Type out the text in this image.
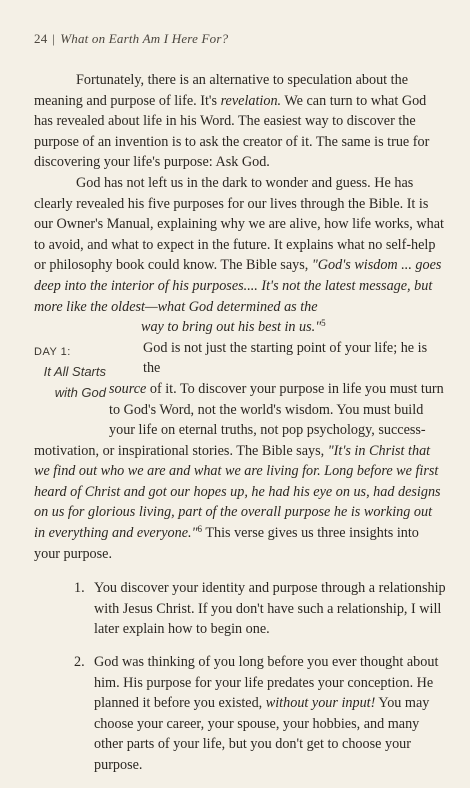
24 | What on Earth Am I Here For?

Fortunately, there is an alternative to speculation about the meaning and purpose of life. It's revelation. We can turn to what God has revealed about life in his Word. The easiest way to discover the purpose of an invention is to ask the creator of it. The same is true for discovering your life's purpose: Ask God.

God has not left us in the dark to wonder and guess. He has clearly revealed his five purposes for our lives through the Bible. It is our Owner's Manual, explaining why we are alive, how life works, what to avoid, and what to expect in the future. It explains what no self-help or philosophy book could know. The Bible says, "God's wisdom ... goes deep into the interior of his purposes.... It's not the latest message, but more like the oldest—what God determined as the

way to bring out his best in us."$^5$

DAY 1:
It All Starts
with God
God is not just the starting point of your life; he is the
source of it. To discover your purpose in life you must turn
to God's Word, not the world's wisdom. You must build
your life on eternal truths, not pop psychology, success-

motivation, or inspirational stories. The Bible says, "It's in Christ that we find out who we are and what we are living for. Long before we first heard of Christ and got our hopes up, he had his eye on us, had designs on us for glorious living, part of the overall purpose he is working out in everything and everyone."$^6$ This verse gives us three insights into your purpose.

1. You discover your identity and purpose through a relationship with Jesus Christ. If you don't have such a relationship, I will later explain how to begin one.
2. God was thinking of you long before you ever thought about him. His purpose for your life predates your conception. He planned it before you existed, without your input! You may choose your career, your spouse, your hobbies, and many other parts of your life, but you don't get to choose your purpose.
